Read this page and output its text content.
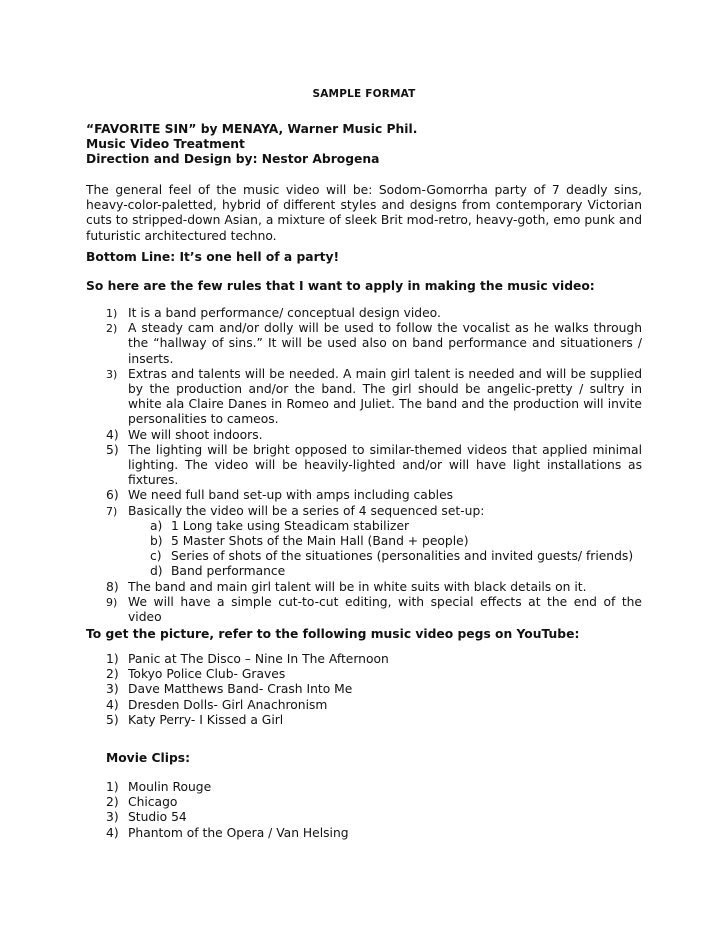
SAMPLE FORMAT
“FAVORITE SIN” by MENAYA, Warner Music Phil.
Music Video Treatment
Direction and Design by: Nestor Abrogena
The general feel of the music video will be: Sodom-Gomorrha party of 7 deadly sins, heavy-color-paletted, hybrid of different styles and designs from contemporary Victorian cuts to stripped-down Asian, a mixture of sleek Brit mod-retro, heavy-goth, emo punk and futuristic architectured techno.
Bottom Line: It’s one hell of a party!
So here are the few rules that I want to apply in making the music video:
1) It is a band performance/ conceptual design video.
2) A steady cam and/or dolly will be used to follow the vocalist as he walks through the “hallway of sins.” It will be used also on band performance and situationers / inserts.
3) Extras and talents will be needed. A main girl talent is needed and will be supplied by the production and/or the band. The girl should be angelic-pretty / sultry in white ala Claire Danes in Romeo and Juliet. The band and the production will invite personalities to cameos.
4) We will shoot indoors.
5) The lighting will be bright opposed to similar-themed videos that applied minimal lighting. The video will be heavily-lighted and/or will have light installations as fixtures.
6) We need full band set-up with amps including cables
7) Basically the video will be a series of 4 sequenced set-up:
a) 1 Long take using Steadicam stabilizer
b) 5 Master Shots of the Main Hall (Band + people)
c) Series of shots of the situationes (personalities and invited guests/ friends)
d) Band performance
8) The band and main girl talent will be in white suits with black details on it.
9) We will have a simple cut-to-cut editing, with special effects at the end of the video
To get the picture, refer to the following music video pegs on YouTube:
1) Panic at The Disco – Nine In The Afternoon
2) Tokyo Police Club- Graves
3) Dave Matthews Band- Crash Into Me
4) Dresden Dolls- Girl Anachronism
5) Katy Perry- I Kissed a Girl
Movie Clips:
1) Moulin Rouge
2) Chicago
3) Studio 54
4) Phantom of the Opera / Van Helsing
